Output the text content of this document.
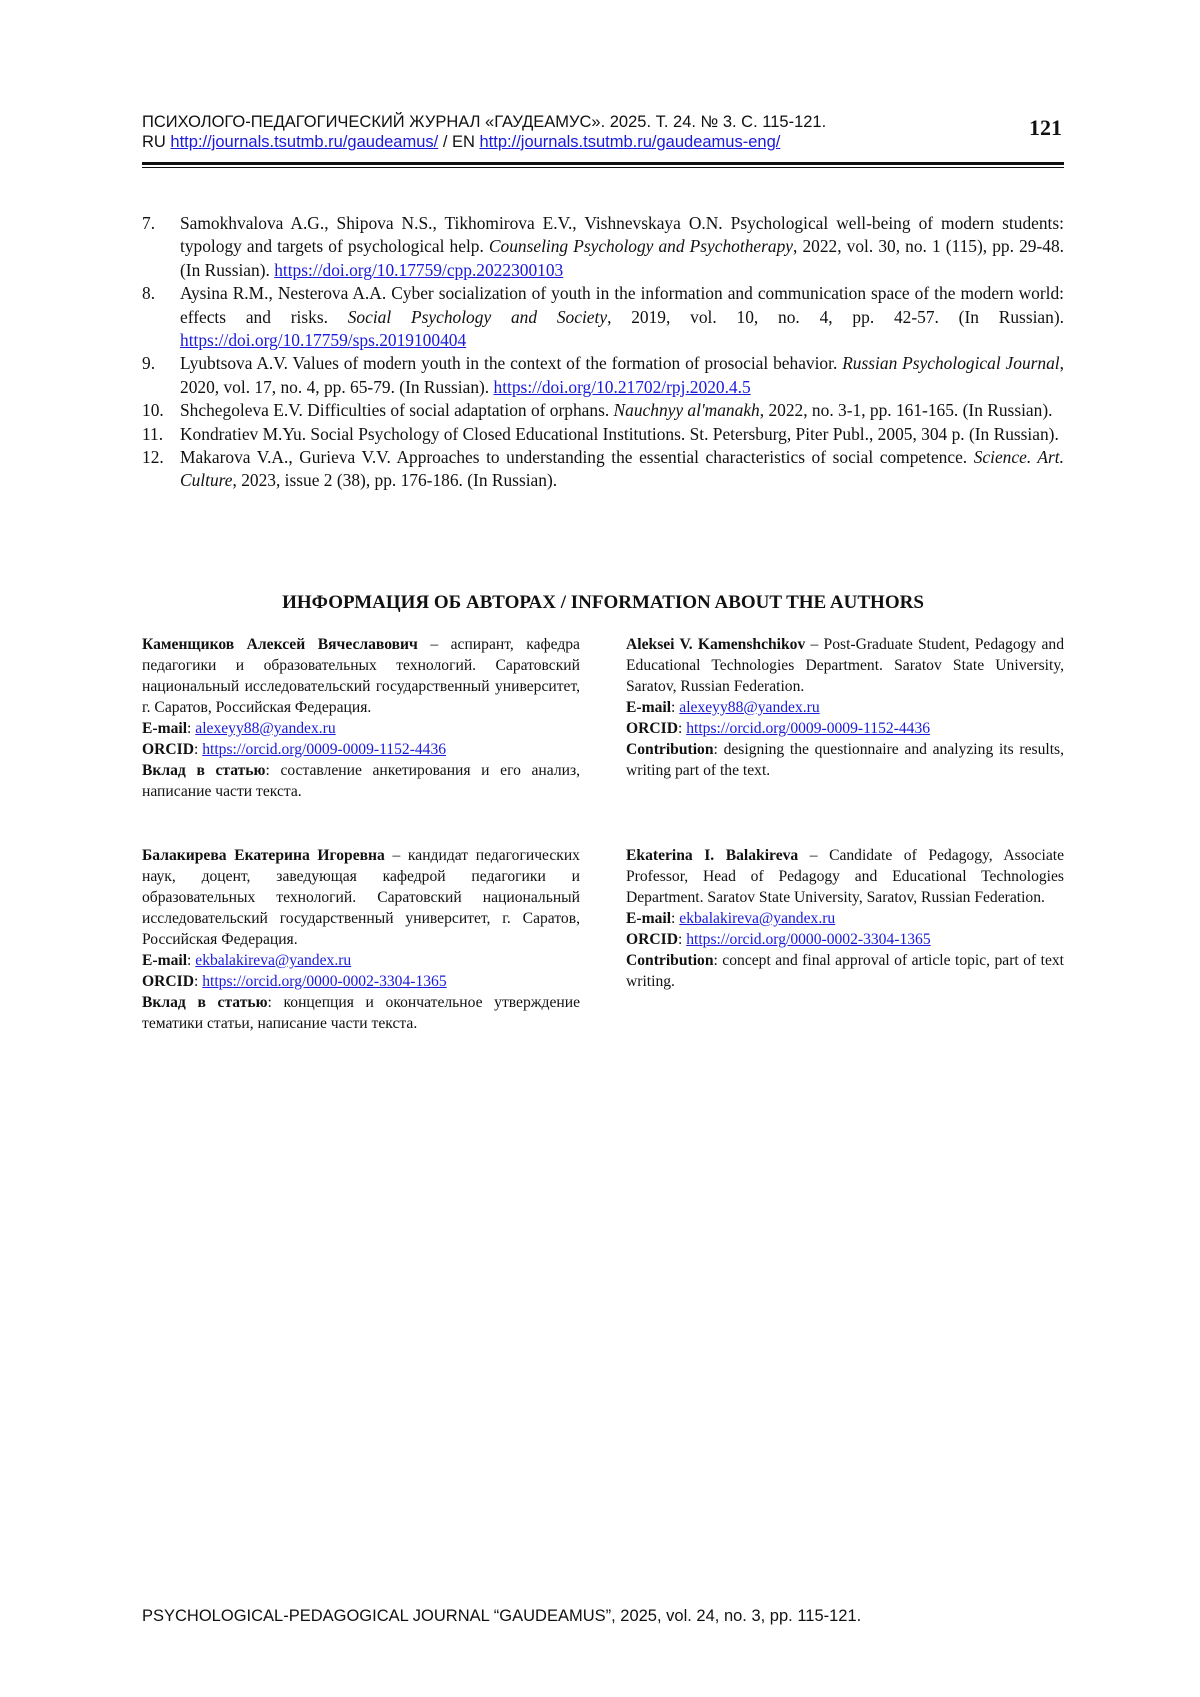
ПСИХОЛОГО-ПЕДАГОГИЧЕСКИЙ ЖУРНАЛ «ГАУДЕАМУС». 2025. Т. 24. № 3. С. 115-121.
RU http://journals.tsutmb.ru/gaudeamus/ / EN http://journals.tsutmb.ru/gaudeamus-eng/
121
7. Samokhvalova A.G., Shipova N.S., Tikhomirova E.V., Vishnevskaya O.N. Psychological well-being of modern students: typology and targets of psychological help. Counseling Psychology and Psychotherapy, 2022, vol. 30, no. 1 (115), pp. 29-48. (In Russian). https://doi.org/10.17759/cpp.2022300103
8. Aysina R.M., Nesterova A.A. Cyber socialization of youth in the information and communication space of the modern world: effects and risks. Social Psychology and Society, 2019, vol. 10, no. 4, pp. 42-57. (In Russian). https://doi.org/10.17759/sps.2019100404
9. Lyubtsova A.V. Values of modern youth in the context of the formation of prosocial behavior. Russian Psychological Journal, 2020, vol. 17, no. 4, pp. 65-79. (In Russian). https://doi.org/10.21702/rpj.2020.4.5
10. Shchegoleva E.V. Difficulties of social adaptation of orphans. Nauchnyy al'manakh, 2022, no. 3-1, pp. 161-165. (In Russian).
11. Kondratiev M.Yu. Social Psychology of Closed Educational Institutions. St. Petersburg, Piter Publ., 2005, 304 p. (In Russian).
12. Makarova V.A., Gurieva V.V. Approaches to understanding the essential characteristics of social competence. Science. Art. Culture, 2023, issue 2 (38), pp. 176-186. (In Russian).
ИНФОРМАЦИЯ ОБ АВТОРАХ / INFORMATION ABOUT THE AUTHORS
Каменщиков Алексей Вячеславович – аспирант, кафедра педагогики и образовательных технологий. Саратовский национальный исследовательский государственный университет, г. Саратов, Российская Федерация.
E-mail: alexeyy88@yandex.ru
ORCID: https://orcid.org/0009-0009-1152-4436
Вклад в статью: составление анкетирования и его анализ, написание части текста.
Aleksei V. Kamenshchikov – Post-Graduate Student, Pedagogy and Educational Technologies Department. Saratov State University, Saratov, Russian Federation.
E-mail: alexeyy88@yandex.ru
ORCID: https://orcid.org/0009-0009-1152-4436
Contribution: designing the questionnaire and analyzing its results, writing part of the text.
Балакирева Екатерина Игоревна – кандидат педагогических наук, доцент, заведующая кафедрой педагогики и образовательных технологий. Саратовский национальный исследовательский государственный университет, г. Саратов, Российская Федерация.
E-mail: ekbalakireva@yandex.ru
ORCID: https://orcid.org/0000-0002-3304-1365
Вклад в статью: концепция и окончательное утверждение тематики статьи, написание части текста.
Ekaterina I. Balakireva – Candidate of Pedagogy, Associate Professor, Head of Pedagogy and Educational Technologies Department. Saratov State University, Saratov, Russian Federation.
E-mail: ekbalakireva@yandex.ru
ORCID: https://orcid.org/0000-0002-3304-1365
Contribution: concept and final approval of article topic, part of text writing.
PSYCHOLOGICAL-PEDAGOGICAL JOURNAL “GAUDEAMUS”, 2025, vol. 24, no. 3, pp. 115-121.
